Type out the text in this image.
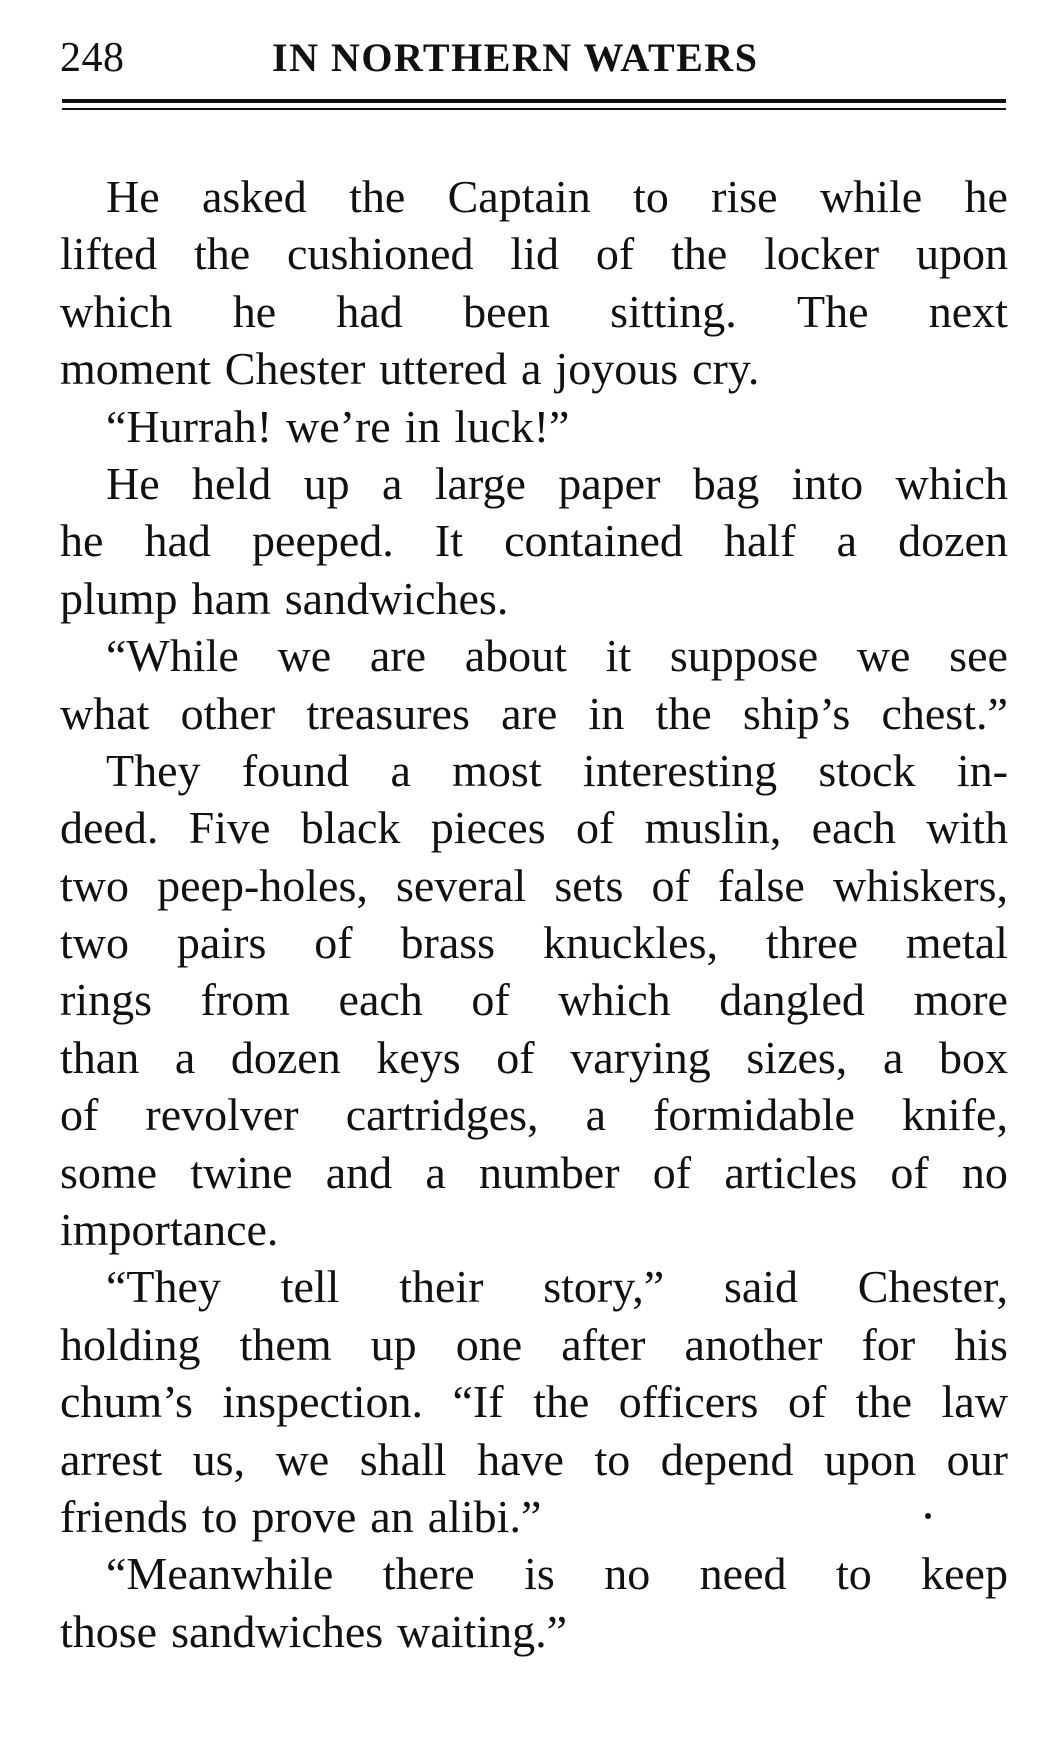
248	IN NORTHERN WATERS
He asked the Captain to rise while he
lifted the cushioned lid of the locker upon
which he had been sitting. The next
moment Chester uttered a joyous cry.
“Hurrah! we’re in luck!”
He held up a large paper bag into which
he had peeped. It contained half a dozen
plump ham sandwiches.
“While we are about it suppose we see
what other treasures are in the ship’s chest.”
They found a most interesting stock in-
deed. Five black pieces of muslin, each with
two peep-holes, several sets of false whiskers,
two pairs of brass knuckles, three metal
rings from each of which dangled more
than a dozen keys of varying sizes, a box
of revolver cartridges, a formidable knife,
some twine and a number of articles of no
importance.
“They tell their story,” said Chester,
holding them up one after another for his
chum’s inspection. “If the officers of the law
arrest us, we shall have to depend upon our
friends to prove an alibi.”
“Meanwhile there is no need to keep
those sandwiches waiting.”
